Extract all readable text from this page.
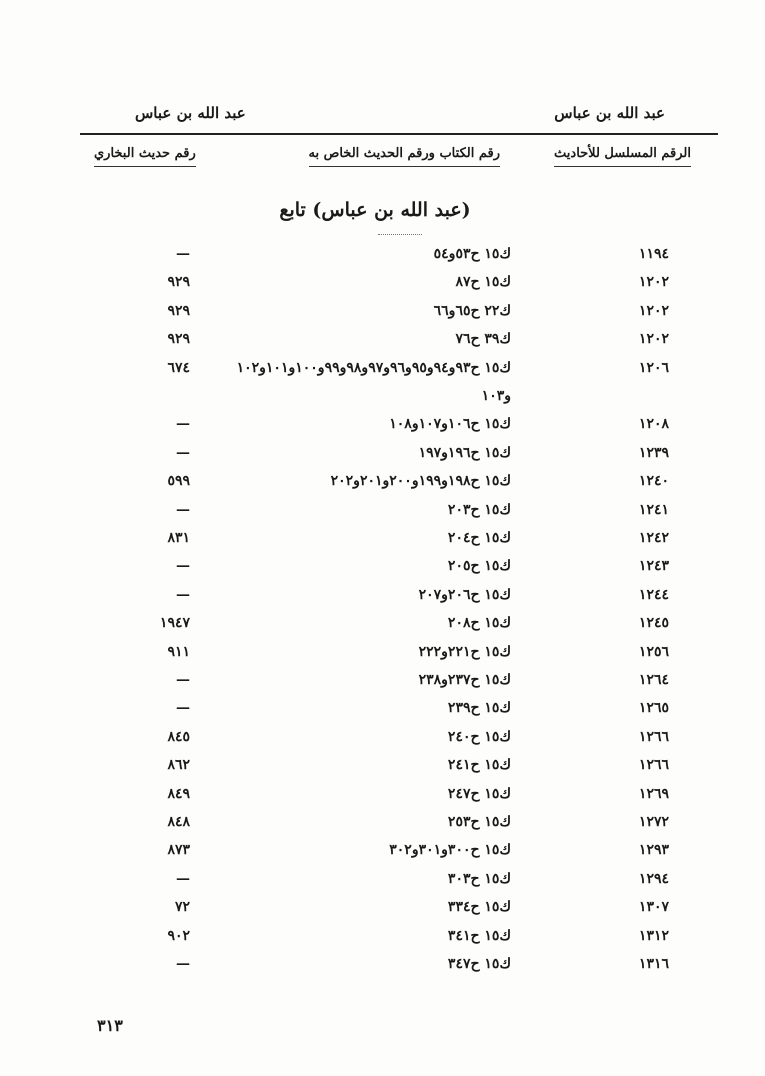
عبد الله بن عباس
عبد الله بن عباس
الرقم المسلسل للأحاديث
رقم الكتاب ورقم الحديث الخاص به
رقم حديث البخاري
(عبد الله بن عباس) تابع
١١٩٤
ك١٥ ح٥٣و٥٤
—
١٢٠٢
ك١٥ ح٨٧
٩٢٩
١٢٠٢
ك٢٢ ح٦٥و٦٦
٩٢٩
١٢٠٢
ك٣٩ ح٧٦
٩٢٩
١٢٠٦
ك١٥ ح٩٣و٩٤و٩٥و٩٦و٩٧و٩٨و٩٩و١٠٠و١٠١و١٠٢
٦٧٤
و١٠٣
١٢٠٨
ك١٥ ح١٠٦و١٠٧و١٠٨
—
١٢٣٩
ك١٥ ح١٩٦و١٩٧
—
١٢٤٠
ك١٥ ح١٩٨و١٩٩و٢٠٠و٢٠١و٢٠٢
٥٩٩
١٢٤١
ك١٥ ح٢٠٣
—
١٢٤٢
ك١٥ ح٢٠٤
٨٣١
١٢٤٣
ك١٥ ح٢٠٥
—
١٢٤٤
ك١٥ ح٢٠٦و٢٠٧
—
١٢٤٥
ك١٥ ح٢٠٨
١٩٤٧
١٢٥٦
ك١٥ ح٢٢١و٢٢٢
٩١١
١٢٦٤
ك١٥ ح٢٣٧و٢٣٨
—
١٢٦٥
ك١٥ ح٢٣٩
—
١٢٦٦
ك١٥ ح٢٤٠
٨٤٥
١٢٦٦
ك١٥ ح٢٤١
٨٦٢
١٢٦٩
ك١٥ ح٢٤٧
٨٤٩
١٢٧٢
ك١٥ ح٢٥٣
٨٤٨
١٢٩٣
ك١٥ ح٣٠٠و٣٠١و٣٠٢
٨٧٣
١٢٩٤
ك١٥ ح٣٠٣
—
١٣٠٧
ك١٥ ح٣٣٤
٧٢
١٣١٢
ك١٥ ح٣٤١
٩٠٢
١٣١٦
ك١٥ ح٣٤٧
—
٣١٣
